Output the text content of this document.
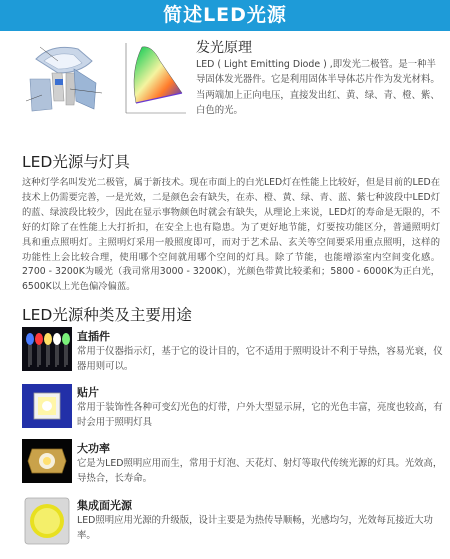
简述LED光源
发光原理
LED ( Light Emitting Diode ) ,即发光二极管。是一种半导固体发光器件。它是利用固体半导体芯片作为发光材料。当两端加上正向电压，直接发出红、黄、绿、青、橙、紫、白色的光。
LED光源与灯具
这种灯学名叫发光二极管，属于新技术。现在市面上的白光LED灯在性能上比较好，但是目前的LED在技术上仍需要完善，一是光效，二是颜色会有缺失，在赤、橙、黄、绿、青、蓝、紫七种波段中LED灯的蓝、绿波段比较少，因此在显示事物颜色时就会有缺失，从理论上来说，LED灯的寿命是无限的，不好的灯除了在性能上大打折扣，在安全上也有隐患。为了更好地节能，灯要按功能区分，普通照明灯具和重点照明灯。主照明灯采用一般照度即可，而对于艺术品、玄关等空间要采用重点照明，这样的功能性上会比较合理，使用哪个空间就用哪个空间的灯具。除了节能，也能增添室内空间变化感。2700 - 3200K为暖光（我司常用3000 - 3200K），光颜色带黄比较柔和；5800 - 6000K为正白光，6500K以上光色偏冷偏蓝。
LED光源种类及主要用途
直插件
常用于仪器指示灯，基于它的设计目的，它不适用于照明设计不利于导热，容易光衰，仪器用则可以。
贴片
常用于装饰性各种可变幻光色的灯带，户外大型显示屏，它的光色丰富，亮度也较高，有时会用于照明灯具
大功率
它是为LED照明应用而生，常用于灯泡、天花灯、射灯等取代传统光源的灯具。光效高，导热合，长寿命。
集成面光源
LED照明应用光源的升级版，设计主要是为热传导顺畅，光感均匀，光效每瓦接近大功率。
